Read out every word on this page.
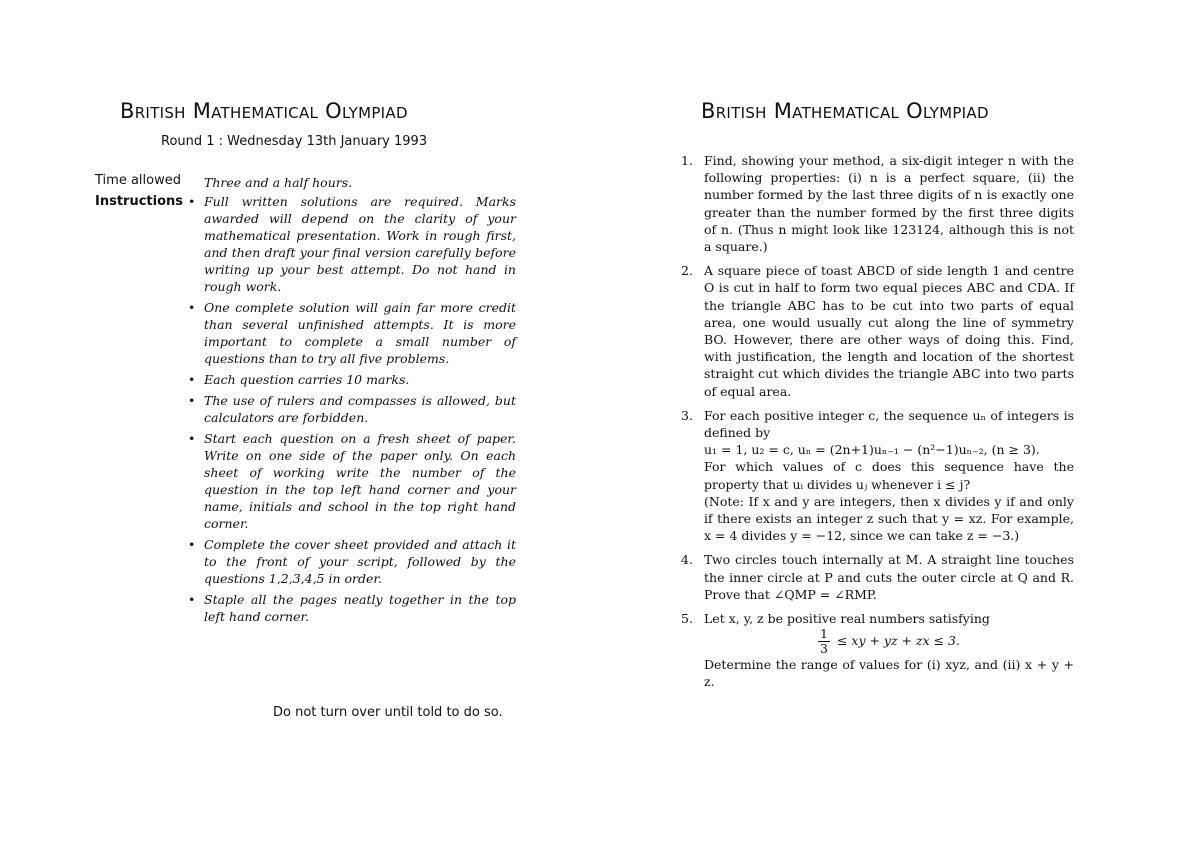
British Mathematical Olympiad
Round 1 : Wednesday 13th January 1993
Time allowed Three and a half hours.
Instructions • Full written solutions are required. Marks awarded will depend on the clarity of your mathematical presentation. Work in rough first, and then draft your final version carefully before writing up your best attempt. Do not hand in rough work.
• One complete solution will gain far more credit than several unfinished attempts. It is more important to complete a small number of questions than to try all five problems.
• Each question carries 10 marks.
• The use of rulers and compasses is allowed, but calculators are forbidden.
• Start each question on a fresh sheet of paper. Write on one side of the paper only. On each sheet of working write the number of the question in the top left hand corner and your name, initials and school in the top right hand corner.
• Complete the cover sheet provided and attach it to the front of your script, followed by the questions 1,2,3,4,5 in order.
• Staple all the pages neatly together in the top left hand corner.
Do not turn over until told to do so.
British Mathematical Olympiad
1. Find, showing your method, a six-digit integer n with the following properties: (i) n is a perfect square, (ii) the number formed by the last three digits of n is exactly one greater than the number formed by the first three digits of n. (Thus n might look like 123124, although this is not a square.)
2. A square piece of toast ABCD of side length 1 and centre O is cut in half to form two equal pieces ABC and CDA. If the triangle ABC has to be cut into two parts of equal area, one would usually cut along the line of symmetry BO. However, there are other ways of doing this. Find, with justification, the length and location of the shortest straight cut which divides the triangle ABC into two parts of equal area.
3. For each positive integer c, the sequence uₙ of integers is defined by
u₁ = 1, u₂ = c, uₙ = (2n+1)uₙ₋₁ − (n²−1)uₙ₋₂, (n ≥ 3).
For which values of c does this sequence have the property that uᵢ divides uⱼ whenever i ≤ j?
(Note: If x and y are integers, then x divides y if and only if there exists an integer z such that y = xz. For example, x = 4 divides y = −12, since we can take z = −3.)
4. Two circles touch internally at M. A straight line touches the inner circle at P and cuts the outer circle at Q and R. Prove that ∠QMP = ∠RMP.
5. Let x, y, z be positive real numbers satisfying
$\frac{1}{3}$ ≤ xy + yz + zx ≤ 3.
Determine the range of values for (i) xyz, and (ii) x + y + z.
